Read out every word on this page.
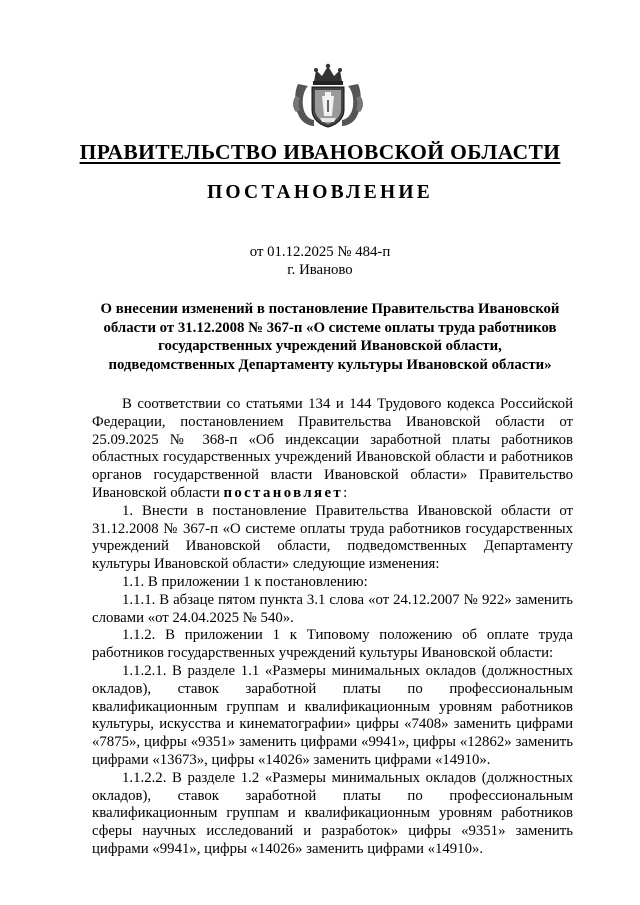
ПРАВИТЕЛЬСТВО ИВАНОВСКОЙ ОБЛАСТИ
ПОСТАНОВЛЕНИЕ
от 01.12.2025 № 484-п
г. Иваново
О внесении изменений в постановление Правительства Ивановской области от 31.12.2008 № 367-п «О системе оплаты труда работников государственных учреждений Ивановской области, подведомственных Департаменту культуры Ивановской области»

В соответствии со статьями 134 и 144 Трудового кодекса Российской Федерации, постановлением Правительства Ивановской области от 25.09.2025 № 368-п «Об индексации заработной платы работников областных государственных учреждений Ивановской области и работников органов государственной власти Ивановской области» Правительство Ивановской области постановляет:

1. Внести в постановление Правительства Ивановской области от 31.12.2008 № 367-п «О системе оплаты труда работников государственных учреждений Ивановской области, подведомственных Департаменту культуры Ивановской области» следующие изменения:

1.1. В приложении 1 к постановлению:

1.1.1. В абзаце пятом пункта 3.1 слова «от 24.12.2007 № 922» заменить словами «от 24.04.2025 № 540».

1.1.2. В приложении 1 к Типовому положению об оплате труда работников государственных учреждений культуры Ивановской области:

1.1.2.1. В разделе 1.1 «Размеры минимальных окладов (должностных окладов), ставок заработной платы по профессиональным квалификационным группам и квалификационным уровням работников культуры, искусства и кинематографии» цифры «7408» заменить цифрами «7875», цифры «9351» заменить цифрами «9941», цифры «12862» заменить цифрами «13673», цифры «14026» заменить цифрами «14910».

1.1.2.2. В разделе 1.2 «Размеры минимальных окладов (должностных окладов), ставок заработной платы по профессиональным квалификационным группам и квалификационным уровням работников сферы научных исследований и разработок» цифры «9351» заменить цифрами «9941», цифры «14026» заменить цифрами «14910».
